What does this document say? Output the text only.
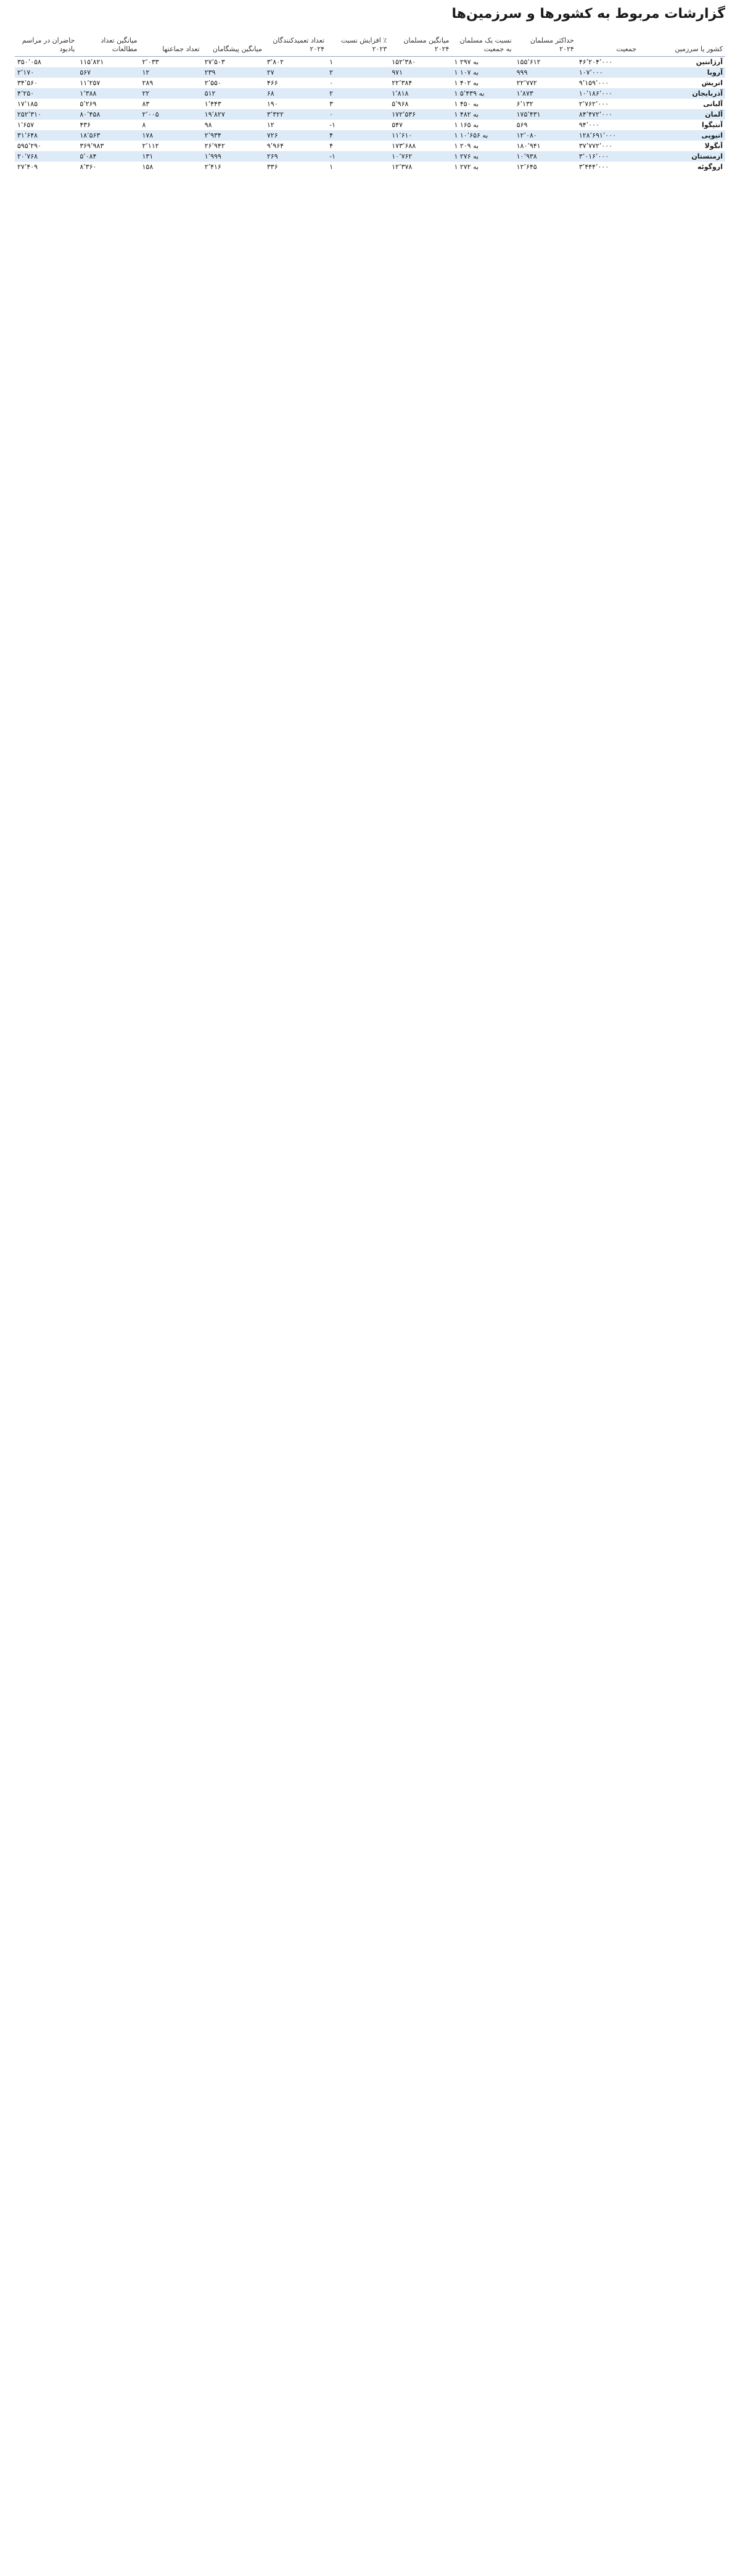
گزارشات مربوط به کشورها و سرزمین‌ها
کشور یا سرزمین	جمعیت	حداکثر مسلمان ۲۰۲۴	نسبت یک مسلمان به جمعیت	میانگین مسلمان ۲۰۲۴	٪ افزایش نسبت ۲۰۲۳	تعداد تعمیدکنندگان ۲۰۲۴	میانگین پیشگامان	تعداد جماعتها	میانگین تعداد مطالعات	حاضران در مراسم یادبود
آرژانتین	۴۶٬۲۰۴٬۰۰۰	۱۵۵٬۶۱۲	۱ به ۲۹۷	۱۵۲٬۳۸۰	۱	۳٬۸۰۲	۲۷٬۵۰۳	۲٬۰۳۳	۱۱۵٬۸۲۱	۳۵۰٬۰۵۸
آروبا	۱۰۷٬۰۰۰	۹۹۹	۱ به ۱۰۷	۹۷۱	۲	۲۷	۲۳۹	۱۲	۵۶۷	۲٬۱۷۰
اتریش	۹٬۱۵۹٬۰۰۰	۲۲٬۷۷۲	۱ به ۴۰۲	۲۲٬۳۸۴	۰	۴۶۶	۲٬۵۵۰	۲۸۹	۱۱٬۲۵۷	۳۴٬۵۶۰
آذربایجان	۱۰٬۱۸۶٬۰۰۰	۱٬۸۷۳	۱ به ۵٬۴۳۹	۱٬۸۱۸	۲	۶۸	۵۱۲	۲۲	۱٬۳۸۸	۴٬۲۵۰
آلبانی	۲٬۷۶۲٬۰۰۰	۶٬۱۳۲	۱ به ۴۵۰	۵٬۹۶۸	۳	۱۹۰	۱٬۴۴۳	۸۳	۵٬۲۶۹	۱۷٬۱۸۵
آلمان	۸۴٬۴۷۲٬۰۰۰	۱۷۵٬۴۳۱	۱ به ۴۸۲	۱۷۲٬۵۳۶	۰	۳٬۳۲۲	۱۹٬۸۲۷	۲٬۰۰۵	۸۰٬۴۵۸	۲۵۲٬۳۱۰
آنتیگوا	۹۴٬۰۰۰	۵۶۹	۱ به ۱۶۵	۵۴۷	-۱	۱۲	۹۸	۸	۴۳۶	۱٬۶۵۷
اتیوپی	۱۲۸٬۶۹۱٬۰۰۰	۱۲٬۰۸۰	۱ به ۱۰٬۶۵۶	۱۱٬۶۱۰	۴	۷۲۶	۲٬۹۳۴	۱۷۸	۱۸٬۵۶۳	۳۱٬۶۴۸
آنگولا	۳۷٬۷۷۲٬۰۰۰	۱۸۰٬۹۴۱	۱ به ۲۰۹	۱۷۳٬۶۸۸	۴	۹٬۹۶۴	۲۶٬۹۴۲	۲٬۱۱۲	۳۶۹٬۹۸۳	۵۹۵٬۲۹۰
ارمنستان	۳٬۰۱۶٬۰۰۰	۱۰٬۹۳۸	۱ به ۲۷۶	۱۰٬۷۶۲	-۱	۲۶۹	۱٬۹۹۹	۱۳۱	۵٬۰۸۴	۲۰٬۷۶۸
اروگوئه	۳٬۴۴۴٬۰۰۰	۱۲٬۶۴۵	۱ به ۲۷۲	۱۲٬۳۷۸	۱	۳۳۶	۲٬۴۱۶	۱۵۸	۸٬۳۶۰	۲۷٬۴۰۹
